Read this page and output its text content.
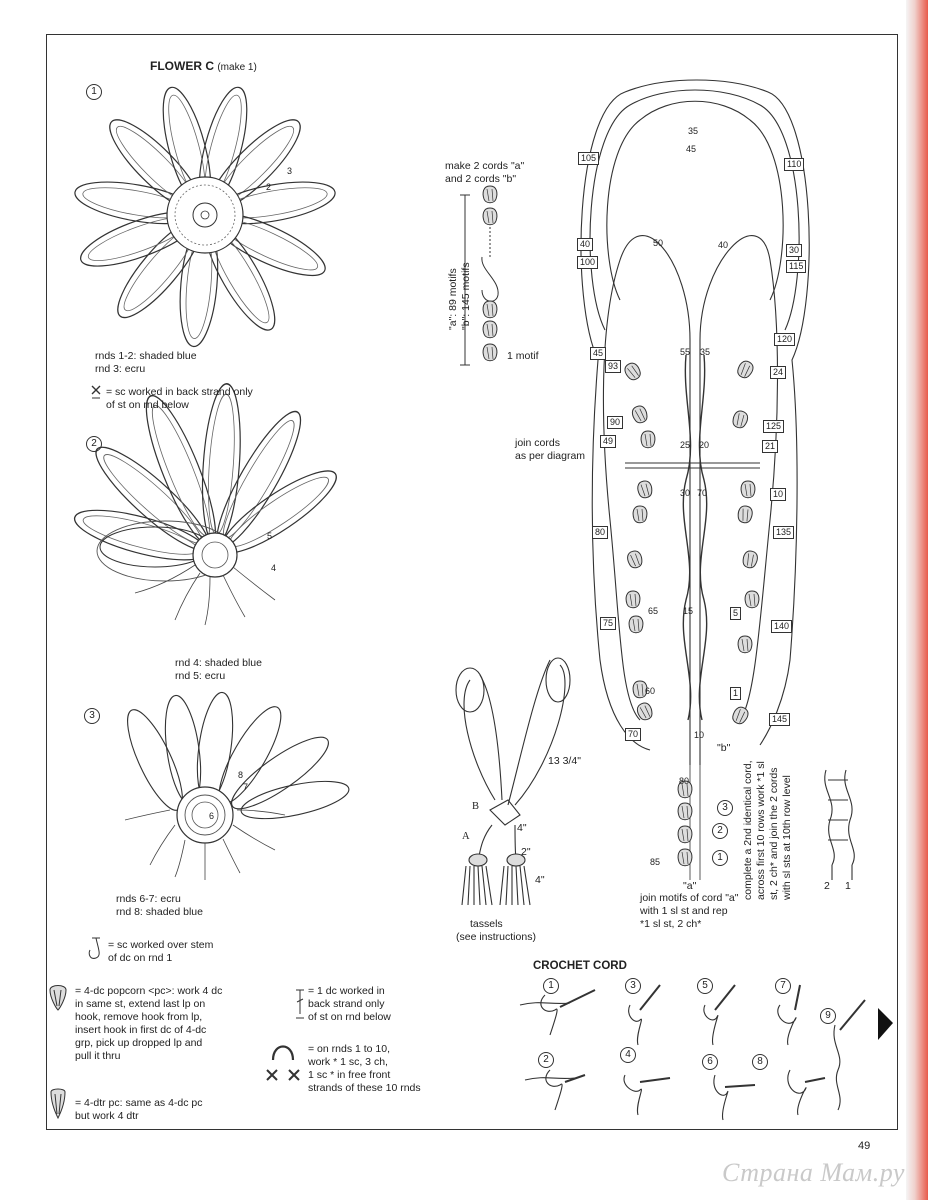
FLOWER C (make 1)
1
3
2
rnds 1-2: shaded blue
rnd 3: ecru
= sc worked in back strand only
of st on rnd below
2
5
4
rnd 4: shaded blue
rnd 5: ecru
3
8
7
6
rnds 6-7: ecru
rnd 8: shaded blue
= sc worked over stem
of dc on rnd 1
= 4-dc popcorn <pc>: work 4 dc
in same st, extend last lp on
hook, remove hook from lp,
insert hook in first dc of 4-dc
grp, pick up dropped lp and
pull it thru
= 4-dtr pc: same as 4-dc pc
but work 4 dtr
= 1 dc worked in
back strand only
of st on rnd below
= on rnds 1 to 10,
work * 1 sc, 3 ch,
1 sc * in free front
strands of these 10 rnds
make 2 cords "a"
and 2 cords "b"
"a": 89 motifs "b": 145 motifs
1 motif
join cords
as per diagram
join motifs of cord "a"
with 1 sl st and rep
*1 sl st, 2 ch*
"a"
"b"
complete a 2nd identical cord, across first 10 rows work *1 sl st, 2 ch* and join the 2 cords with sl sts at 10th row level	2 1
105
40
100
45
93
90
49
80
75
70
110
30
115
120
24
125
21
10
135
5
140
1
145
35
45
50	40
55 35
25 20
30 70
65	15
60
10
85
80
3
2
1
13 3/4"
B
A
4"
2"
4"
tassels
(see instructions)
CROCHET CORD
1	3	5	7
9
2	4
6	8
49
Страна Мам.ру
